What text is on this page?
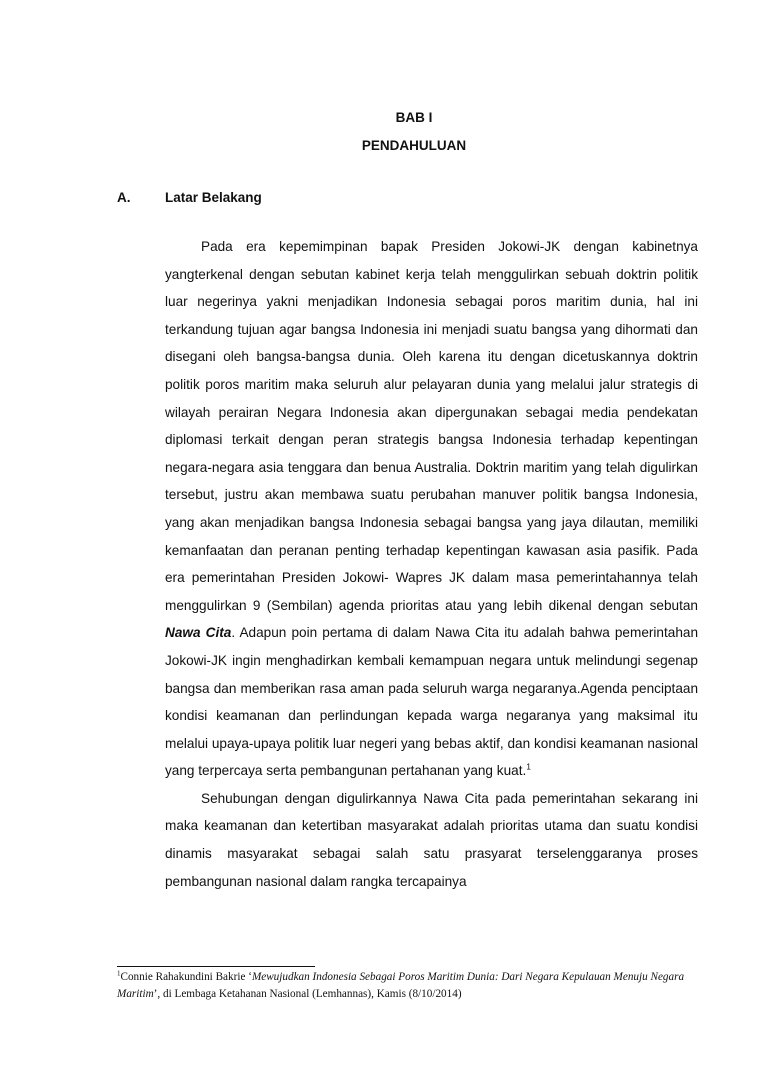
BAB I
PENDAHULUAN
A.	Latar Belakang

Pada era kepemimpinan bapak Presiden Jokowi-JK dengan kabinetnya yangterkenal dengan sebutan kabinet kerja telah menggulirkan sebuah doktrin politik luar negerinya yakni menjadikan Indonesia sebagai poros maritim dunia, hal ini terkandung tujuan agar bangsa Indonesia ini menjadi suatu bangsa yang dihormati dan disegani oleh bangsa-bangsa dunia. Oleh karena itu dengan dicetuskannya doktrin politik poros maritim maka seluruh alur pelayaran dunia yang melalui jalur strategis di wilayah perairan Negara Indonesia akan dipergunakan sebagai media pendekatan diplomasi terkait dengan peran strategis bangsa Indonesia terhadap kepentingan negara-negara asia tenggara dan benua Australia. Doktrin maritim yang telah digulirkan tersebut, justru akan membawa suatu perubahan manuver politik bangsa Indonesia, yang akan menjadikan bangsa Indonesia sebagai bangsa yang jaya dilautan, memiliki kemanfaatan dan peranan penting terhadap kepentingan kawasan asia pasifik. Pada era pemerintahan Presiden Jokowi- Wapres JK dalam masa pemerintahannya telah menggulirkan 9 (Sembilan) agenda prioritas atau yang lebih dikenal dengan sebutan Nawa Cita. Adapun poin pertama di dalam Nawa Cita itu adalah bahwa pemerintahan Jokowi-JK ingin menghadirkan kembali kemampuan negara untuk melindungi segenap bangsa dan memberikan rasa aman pada seluruh warga negaranya.Agenda penciptaan kondisi keamanan dan perlindungan kepada warga negaranya yang maksimal itu melalui upaya-upaya politik luar negeri yang bebas aktif, dan kondisi keamanan nasional yang terpercaya serta pembangunan pertahanan yang kuat.$^1$

Sehubungan dengan digulirkannya Nawa Cita pada pemerintahan sekarang ini maka keamanan dan ketertiban masyarakat adalah prioritas utama dan suatu kondisi dinamis masyarakat sebagai salah satu prasyarat terselenggaranya proses pembangunan nasional dalam rangka tercapainya

$^1$Connie Rahakundini Bakrie ‘Mewujudkan Indonesia Sebagai Poros Maritim Dunia: Dari Negara Kepulauan Menuju Negara Maritim’, di Lembaga Ketahanan Nasional (Lemhannas), Kamis (8/10/2014)
